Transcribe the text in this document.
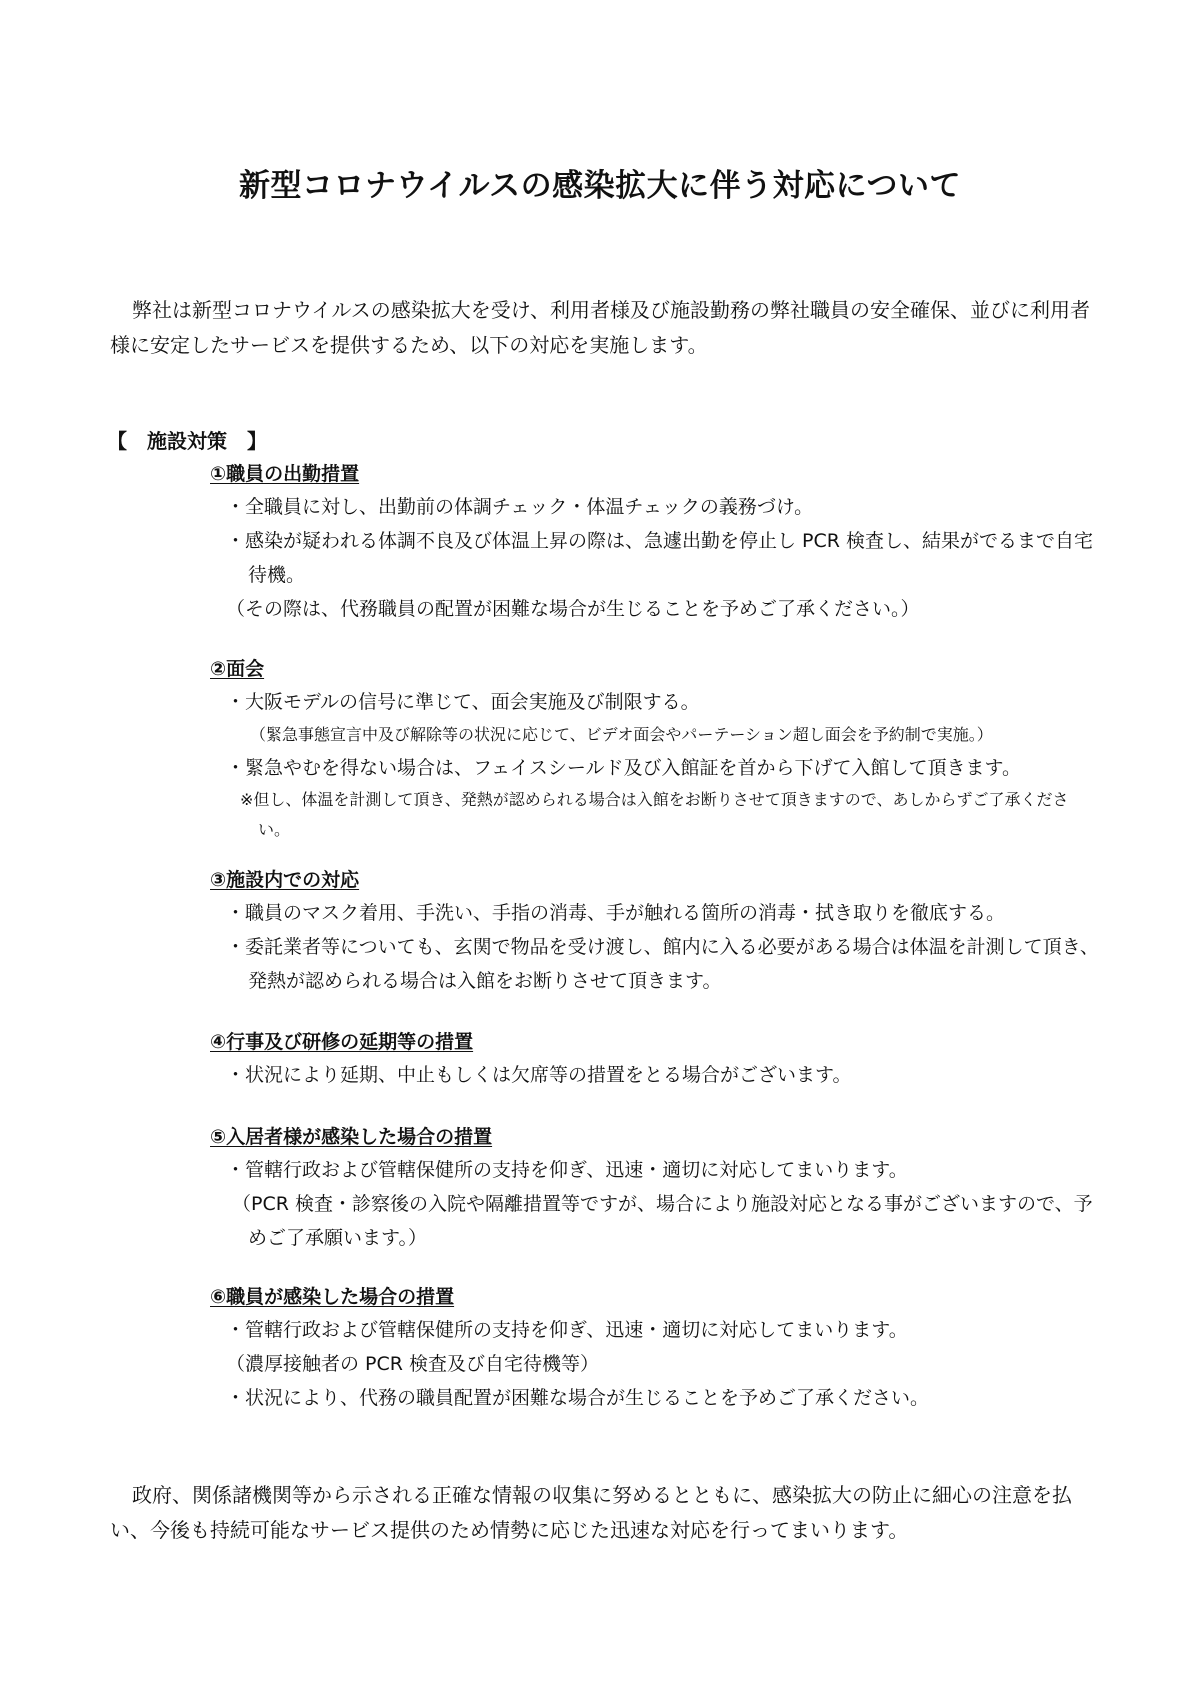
新型コロナウイルスの感染拡大に伴う対応について
弊社は新型コロナウイルスの感染拡大を受け、利用者様及び施設勤務の弊社職員の安全確保、並びに利用者様に安定したサービスを提供するため、以下の対応を実施します。
【　施設対策　】
①職員の出勤措置
・全職員に対し、出勤前の体調チェック・体温チェックの義務づけ。
・感染が疑われる体調不良及び体温上昇の際は、急遽出勤を停止し PCR 検査し、結果がでるまで自宅待機。
（その際は、代務職員の配置が困難な場合が生じることを予めご了承ください。）
②面会
・大阪モデルの信号に準じて、面会実施及び制限する。
（緊急事態宣言中及び解除等の状況に応じて、ビデオ面会やパーテーション超し面会を予約制で実施。）
・緊急やむを得ない場合は、フェイスシールド及び入館証を首から下げて入館して頂きます。
※但し、体温を計測して頂き、発熱が認められる場合は入館をお断りさせて頂きますので、あしからずご了承ください。
③施設内での対応
・職員のマスク着用、手洗い、手指の消毒、手が触れる箇所の消毒・拭き取りを徹底する。
・委託業者等についても、玄関で物品を受け渡し、館内に入る必要がある場合は体温を計測して頂き、発熱が認められる場合は入館をお断りさせて頂きます。
④行事及び研修の延期等の措置
・状況により延期、中止もしくは欠席等の措置をとる場合がございます。
⑤入居者様が感染した場合の措置
・管轄行政および管轄保健所の支持を仰ぎ、迅速・適切に対応してまいります。
（PCR 検査・診察後の入院や隔離措置等ですが、場合により施設対応となる事がございますので、予めご了承願います。）
⑥職員が感染した場合の措置
・管轄行政および管轄保健所の支持を仰ぎ、迅速・適切に対応してまいります。
（濃厚接触者の PCR 検査及び自宅待機等）
・状況により、代務の職員配置が困難な場合が生じることを予めご了承ください。
政府、関係諸機関等から示される正確な情報の収集に努めるとともに、感染拡大の防止に細心の注意を払い、今後も持続可能なサービス提供のため情勢に応じた迅速な対応を行ってまいります。
